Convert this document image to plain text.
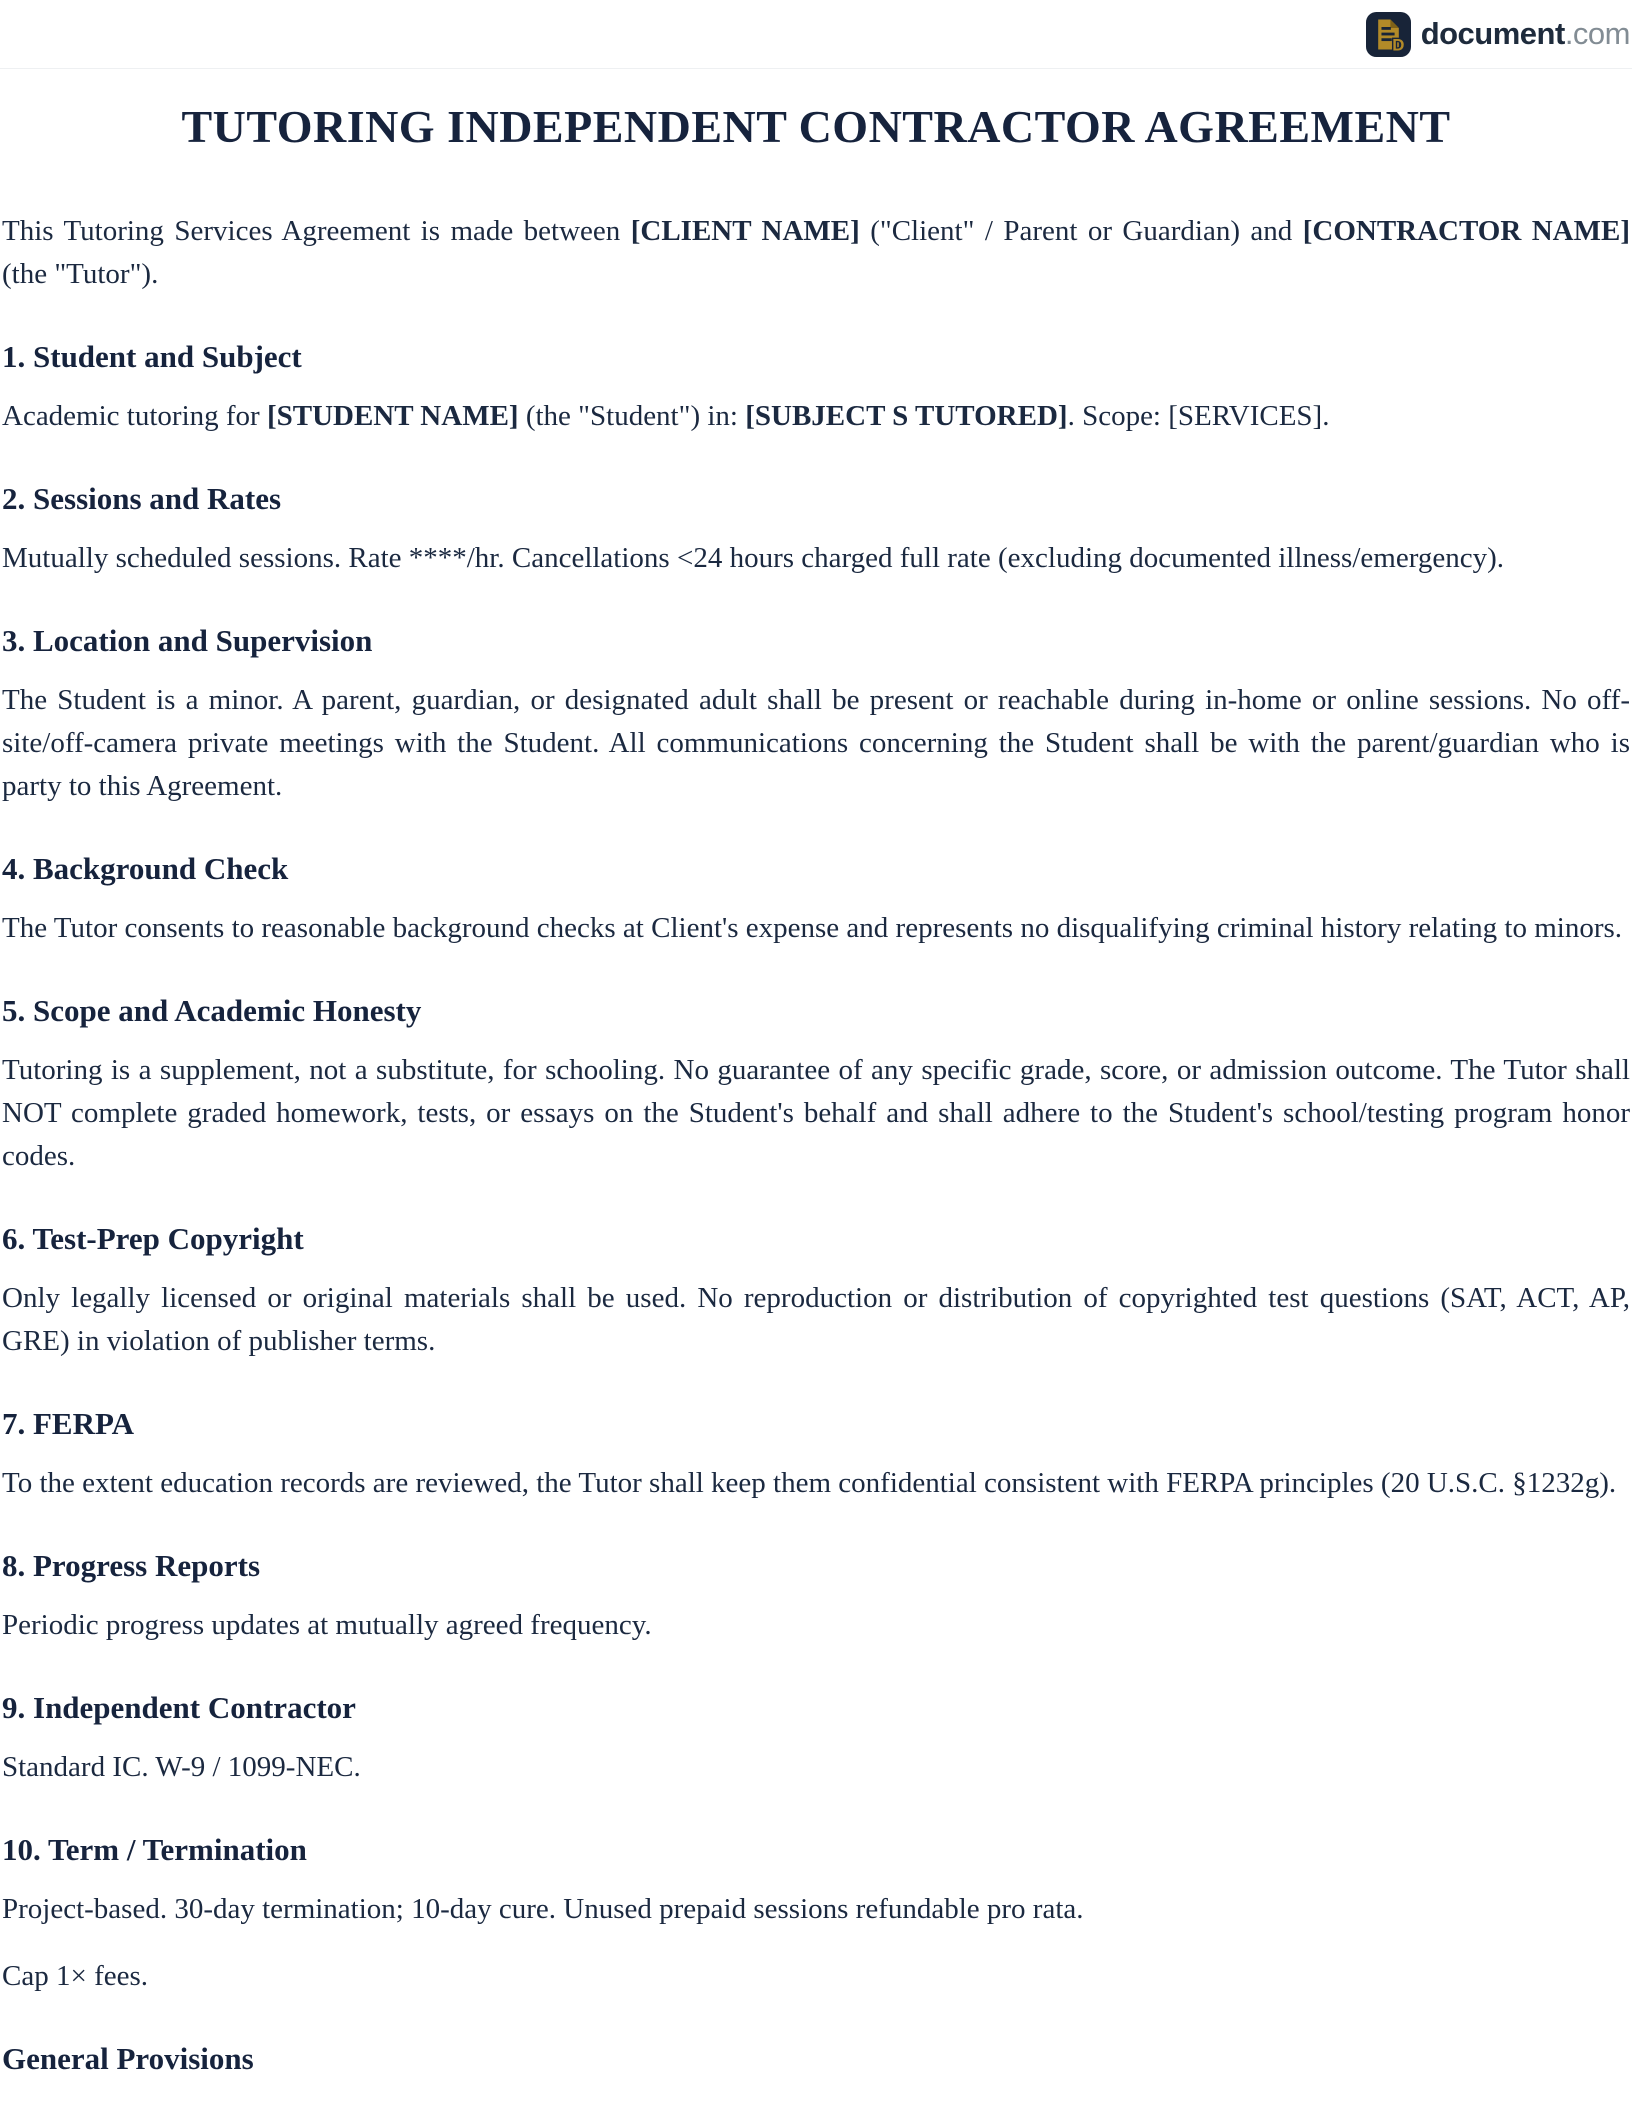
D document.com
TUTORING INDEPENDENT CONTRACTOR AGREEMENT

This Tutoring Services Agreement is made between [CLIENT NAME] ("Client" / Parent or Guardian) and [CONTRACTOR NAME] (the "Tutor").

1. Student and Subject

Academic tutoring for [STUDENT NAME] (the "Student") in: [SUBJECT S TUTORED]. Scope: [SERVICES].

2. Sessions and Rates

Mutually scheduled sessions. Rate ****/hr. Cancellations <24 hours charged full rate (excluding documented illness/emergency).

3. Location and Supervision

The Student is a minor. A parent, guardian, or designated adult shall be present or reachable during in-home or online sessions. No off-site/off-camera private meetings with the Student. All communications concerning the Student shall be with the parent/guardian who is party to this Agreement.

4. Background Check

The Tutor consents to reasonable background checks at Client's expense and represents no disqualifying criminal history relating to minors.

5. Scope and Academic Honesty

Tutoring is a supplement, not a substitute, for schooling. No guarantee of any specific grade, score, or admission outcome. The Tutor shall NOT complete graded homework, tests, or essays on the Student's behalf and shall adhere to the Student's school/testing program honor codes.

6. Test-Prep Copyright

Only legally licensed or original materials shall be used. No reproduction or distribution of copyrighted test questions (SAT, ACT, AP, GRE) in violation of publisher terms.

7. FERPA

To the extent education records are reviewed, the Tutor shall keep them confidential consistent with FERPA principles (20 U.S.C. §1232g).

8. Progress Reports

Periodic progress updates at mutually agreed frequency.

9. Independent Contractor

Standard IC. W-9 / 1099-NEC.

10. Term / Termination

Project-based. 30-day termination; 10-day cure. Unused prepaid sessions refundable pro rata.

Cap 1× fees.

General Provisions
